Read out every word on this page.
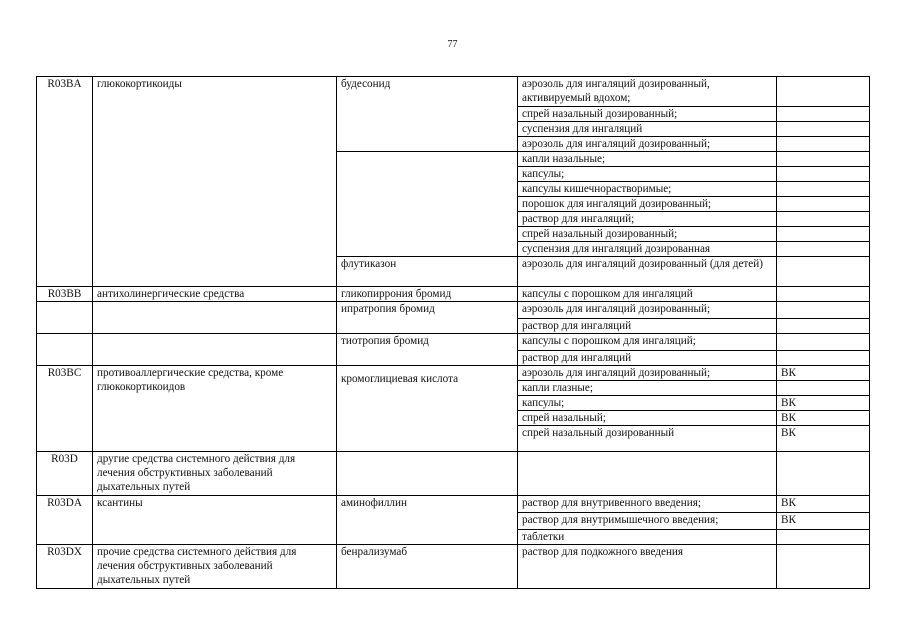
77
R03BA	глюкокортикоиды	будесонид	аэрозоль для ингаляций дозированный, активируемый вдохом;	
			спрей назальный дозированный;	
			суспензия для ингаляций	
			аэрозоль для ингаляций дозированный;	
			капли назальные;	
			капсулы;	
			капсулы кишечнорастворимые;	
			порошок для ингаляций дозированный;	
			раствор для ингаляций;	
			спрей назальный дозированный;	
			суспензия для ингаляций дозированная	
		флутиказон	аэрозоль для ингаляций дозированный (для детей)	
R03BB	антихолинергические средства	гликопиррония бромид	капсулы с порошком для ингаляций	
		ипратропия бромид	аэрозоль для ингаляций дозированный;	
			раствор для ингаляций	
		тиотропия бромид	капсулы с порошком для ингаляций;	
			раствор для ингаляций	
R03BC	противоаллергические средства, кроме глюкокортикоидов	кромоглициевая кислота	аэрозоль для ингаляций дозированный;	ВК
			капли глазные;	
			капсулы;	ВК
			спрей назальный;	ВК
			спрей назальный дозированный	ВК
R03D	другие средства системного действия для лечения обструктивных заболеваний дыхательных путей			
R03DA	ксантины	аминофиллин	раствор для внутривенного введения;	ВК
			раствор для внутримышечного введения;	ВК
			таблетки	
R03DX	прочие средства системного действия для лечения обструктивных заболеваний дыхательных путей	бенрализумаб	раствор для подкожного введения	
